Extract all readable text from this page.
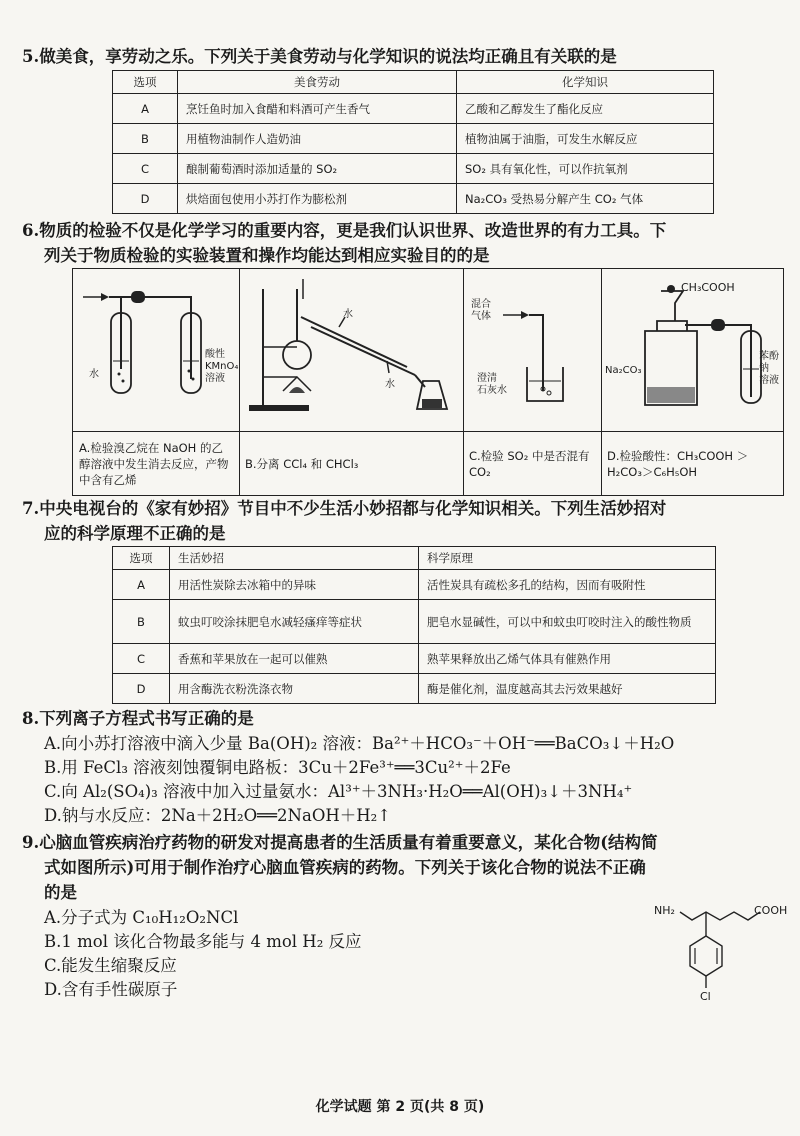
5.做美食，享劳动之乐。下列关于美食劳动与化学知识的说法均正确且有关联的是
选项	美食劳动	化学知识
A	烹饪鱼时加入食醋和料酒可产生香气	乙酸和乙醇发生了酯化反应
B	用植物油制作人造奶油	植物油属于油脂，可发生水解反应
C	酿制葡萄酒时添加适量的 SO₂	SO₂ 具有氧化性，可以作抗氧剂
D	烘焙面包使用小苏打作为膨松剂	Na₂CO₃ 受热易分解产生 CO₂ 气体
6.物质的检验不仅是化学学习的重要内容，更是我们认识世界、改造世界的有力工具。下
列关于物质检验的实验装置和操作均能达到相应实验目的的是
水
酸性
KMnO₄
溶液
A.检验溴乙烷在 NaOH 的乙醇溶液中发生消去反应，产物中含有乙烯
水
水
B.分离 CCl₄ 和 CHCl₃
混合
气体
澄清
石灰水
C.检验 SO₂ 中是否混有 CO₂
CH₃COOH
Na₂CO₃
苯酚钠
溶液
D.检验酸性：CH₃COOH ＞H₂CO₃＞C₆H₅OH
7.中央电视台的《家有妙招》节目中不少生活小妙招都与化学知识相关。下列生活妙招对
应的科学原理不正确的是
选项	生活妙招	科学原理
A	用活性炭除去冰箱中的异味	活性炭具有疏松多孔的结构，因而有吸附性
B	蚊虫叮咬涂抹肥皂水减轻瘙痒等症状	肥皂水显碱性，可以中和蚊虫叮咬时注入的酸性物质
C	香蕉和苹果放在一起可以催熟	熟苹果释放出乙烯气体具有催熟作用
D	用含酶洗衣粉洗涤衣物	酶是催化剂，温度越高其去污效果越好
8.下列离子方程式书写正确的是
A.向小苏打溶液中滴入少量 Ba(OH)₂ 溶液：Ba²⁺＋HCO₃⁻＋OH⁻══BaCO₃↓＋H₂O
B.用 FeCl₃ 溶液刻蚀覆铜电路板：3Cu＋2Fe³⁺══3Cu²⁺＋2Fe
C.向 Al₂(SO₄)₃ 溶液中加入过量氨水：Al³⁺＋3NH₃·H₂O══Al(OH)₃↓＋3NH₄⁺
D.钠与水反应：2Na＋2H₂O══2NaOH＋H₂↑
9.心脑血管疾病治疗药物的研发对提高患者的生活质量有着重要意义，某化合物(结构简
式如图所示)可用于制作治疗心脑血管疾病的药物。下列关于该化合物的说法不正确
的是
A.分子式为 C₁₀H₁₂O₂NCl
B.1 mol 该化合物最多能与 4 mol H₂ 反应
C.能发生缩聚反应
D.含有手性碳原子
NH₂	COOH
Cl
化学试题 第 2 页(共 8 页)
